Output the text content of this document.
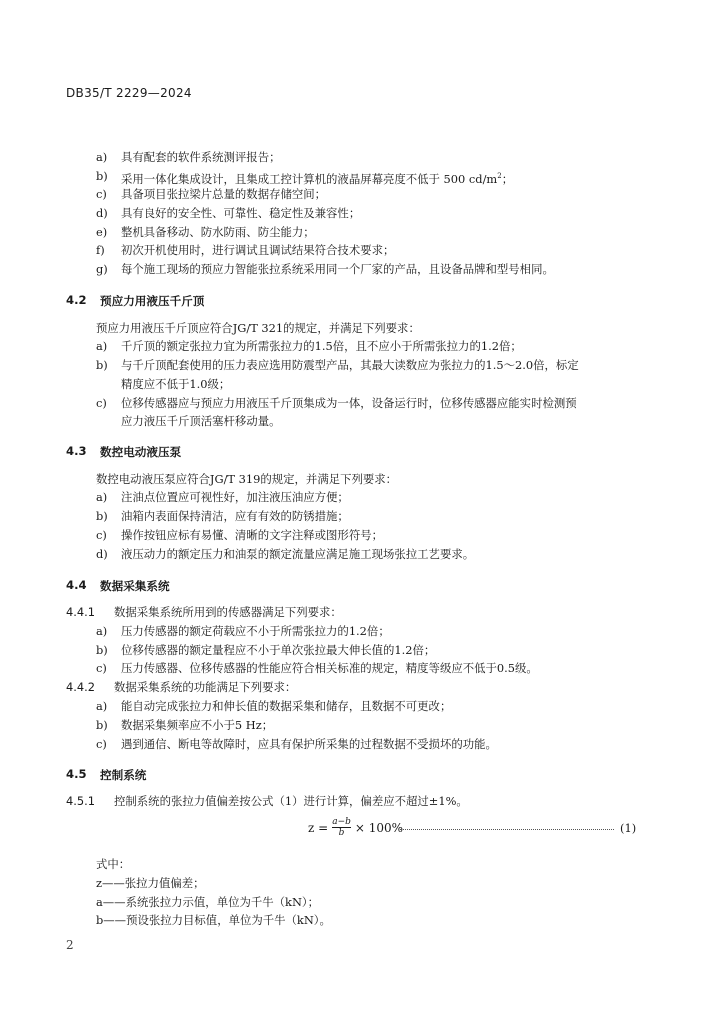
DB35/T 2229—2024
a)	具有配套的软件系统测评报告；
b)	采用一体化集成设计，且集成工控计算机的液晶屏幕亮度不低于 500 $cd/m^2$；
c)	具备项目张拉梁片总量的数据存储空间；
d)	具有良好的安全性、可靠性、稳定性及兼容性；
e)	整机具备移动、防水防雨、防尘能力；
f)	初次开机使用时，进行调试且调试结果符合技术要求；
g)	每个施工现场的预应力智能张拉系统采用同一个厂家的产品，且设备品牌和型号相同。
4.2 预应力用液压千斤顶
预应力用液压千斤顶应符合JG/T 321的规定，并满足下列要求：
a)	千斤顶的额定张拉力宜为所需张拉力的1.5倍，且不应小于所需张拉力的1.2倍；
b)	与千斤顶配套使用的压力表应选用防震型产品，其最大读数应为张拉力的1.5～2.0倍，标定
精度应不低于1.0级；
c)	位移传感器应与预应力用液压千斤顶集成为一体，设备运行时，位移传感器应能实时检测预
应力液压千斤顶活塞杆移动量。
4.3 数控电动液压泵
数控电动液压泵应符合JG/T 319的规定，并满足下列要求：
a)	注油点位置应可视性好，加注液压油应方便；
b)	油箱内表面保持清洁，应有有效的防锈措施；
c)	操作按钮应标有易懂、清晰的文字注释或图形符号；
d)	液压动力的额定压力和油泵的额定流量应满足施工现场张拉工艺要求。
4.4 数据采集系统
4.4.1 数据采集系统所用到的传感器满足下列要求：
a)	压力传感器的额定荷载应不小于所需张拉力的1.2倍；
b)	位移传感器的额定量程应不小于单次张拉最大伸长值的1.2倍；
c)	压力传感器、位移传感器的性能应符合相关标准的规定，精度等级应不低于0.5级。
4.4.2 数据采集系统的功能满足下列要求：
a)	能自动完成张拉力和伸长值的数据采集和储存，且数据不可更改；
b)	数据采集频率应不小于5 Hz；
c)	遇到通信、断电等故障时，应具有保护所采集的过程数据不受损坏的功能。
4.5 控制系统
4.5.1 控制系统的张拉力值偏差按公式（1）进行计算，偏差应不超过±1%。
$z = \frac{a-b}{b} \times 100\%$	(1)
式中：
z——张拉力值偏差；
a——系统张拉力示值，单位为千牛（kN）；
b——预设张拉力目标值，单位为千牛（kN）。
2
